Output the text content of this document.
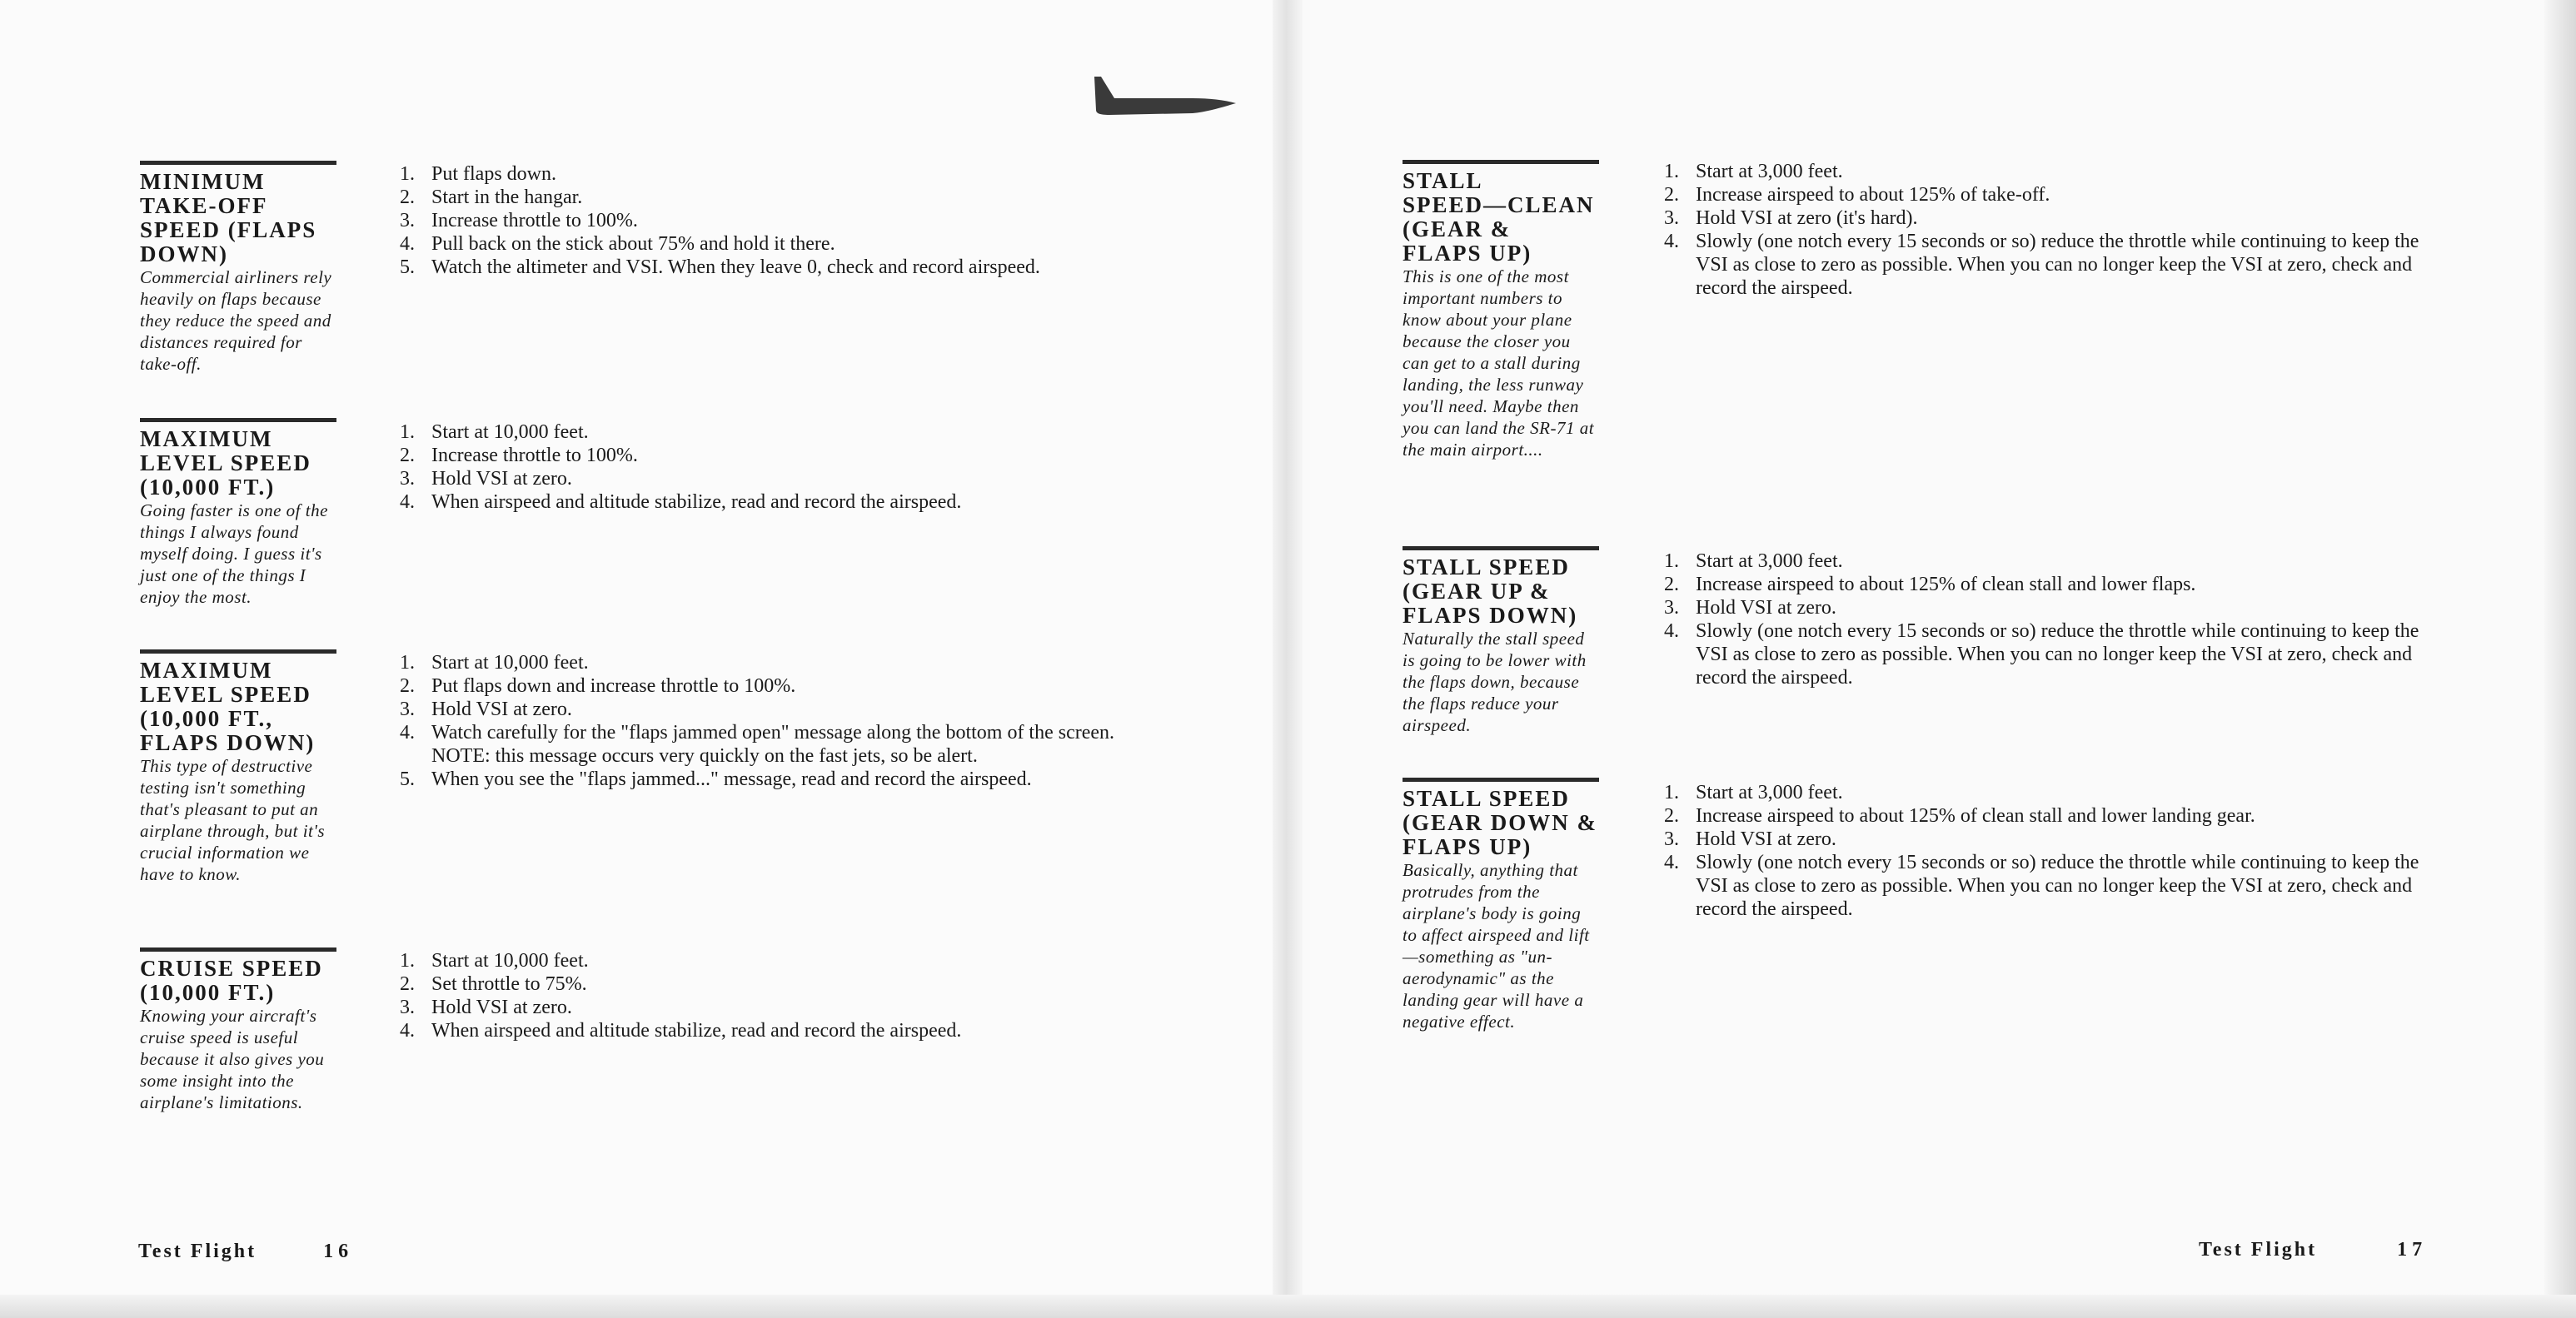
MINIMUM
TAKE-OFF
SPEED (FLAPS
DOWN)

Commercial airliners rely heavily on flaps because they reduce the speed and distances required for take-off.

1. Put flaps down.
2. Start in the hangar.
3. Increase throttle to 100%.
4. Pull back on the stick about 75% and hold it there.
5. Watch the altimeter and VSI. When they leave 0, check and record airspeed.

MAXIMUM
LEVEL SPEED
(10,000 FT.)

Going faster is one of the things I always found myself doing. I guess it's just one of the things I enjoy the most.

1. Start at 10,000 feet.
2. Increase throttle to 100%.
3. Hold VSI at zero.
4. When airspeed and altitude stabilize, read and record the airspeed.

MAXIMUM
LEVEL SPEED
(10,000 FT.,
FLAPS DOWN)

This type of destructive testing isn't something that's pleasant to put an airplane through, but it's crucial information we have to know.

1. Start at 10,000 feet.
2. Put flaps down and increase throttle to 100%.
3. Hold VSI at zero.
4. Watch carefully for the "flaps jammed open" message along the bottom of the screen. NOTE: this message occurs very quickly on the fast jets, so be alert.
5. When you see the "flaps jammed..." message, read and record the airspeed.

CRUISE SPEED
(10,000 FT.)

Knowing your aircraft's cruise speed is useful because it also gives you some insight into the airplane's limitations.

1. Start at 10,000 feet.
2. Set throttle to 75%.
3. Hold VSI at zero.
4. When airspeed and altitude stabilize, read and record the airspeed.
Test Flight	16

STALL
SPEED—CLEAN
(GEAR &
FLAPS UP)

This is one of the most important numbers to know about your plane because the closer you can get to a stall during landing, the less runway you'll need. Maybe then you can land the SR-71 at the main airport....

1. Start at 3,000 feet.
2. Increase airspeed to about 125% of take-off.
3. Hold VSI at zero (it's hard).
4. Slowly (one notch every 15 seconds or so) reduce the throttle while continuing to keep the VSI as close to zero as possible. When you can no longer keep the VSI at zero, check and record the airspeed.

STALL SPEED
(GEAR UP &
FLAPS DOWN)

Naturally the stall speed is going to be lower with the flaps down, because the flaps reduce your airspeed.

1. Start at 3,000 feet.
2. Increase airspeed to about 125% of clean stall and lower flaps.
3. Hold VSI at zero.
4. Slowly (one notch every 15 seconds or so) reduce the throttle while continuing to keep the VSI as close to zero as possible. When you can no longer keep the VSI at zero, check and record the airspeed.

STALL SPEED
(GEAR DOWN &
FLAPS UP)

Basically, anything that protrudes from the airplane's body is going to affect airspeed and lift—something as "un-aerodynamic" as the landing gear will have a negative effect.

1. Start at 3,000 feet.
2. Increase airspeed to about 125% of clean stall and lower landing gear.
3. Hold VSI at zero.
4. Slowly (one notch every 15 seconds or so) reduce the throttle while continuing to keep the VSI as close to zero as possible. When you can no longer keep the VSI at zero, check and record the airspeed.
Test Flight	17
